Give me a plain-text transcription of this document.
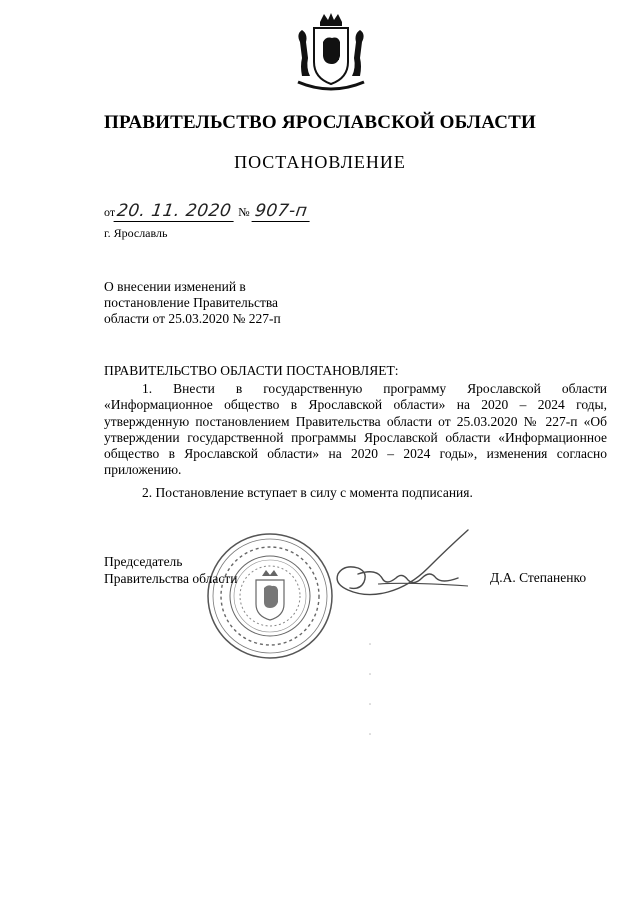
ПРАВИТЕЛЬСТВО ЯРОСЛАВСКОЙ ОБЛАСТИ
ПОСТАНОВЛЕНИЕ
от20. 11. 2020 № 907-п
г. Ярославль
О внесении изменений в
постановление Правительства
области от 25.03.2020 № 227-п
ПРАВИТЕЛЬСТВО ОБЛАСТИ ПОСТАНОВЛЯЕТ:
1. Внести в государственную программу Ярославской области «Информационное общество в Ярославской области» на 2020 – 2024 годы, утвержденную постановлением Правительства области от 25.03.2020 № 227-п «Об утверждении государственной программы Ярославской области «Информационное общество в Ярославской области» на 2020 – 2024 годы», изменения согласно приложению.
2. Постановление вступает в силу с момента подписания.
Председатель
Правительства области	Д.А. Степаненко
